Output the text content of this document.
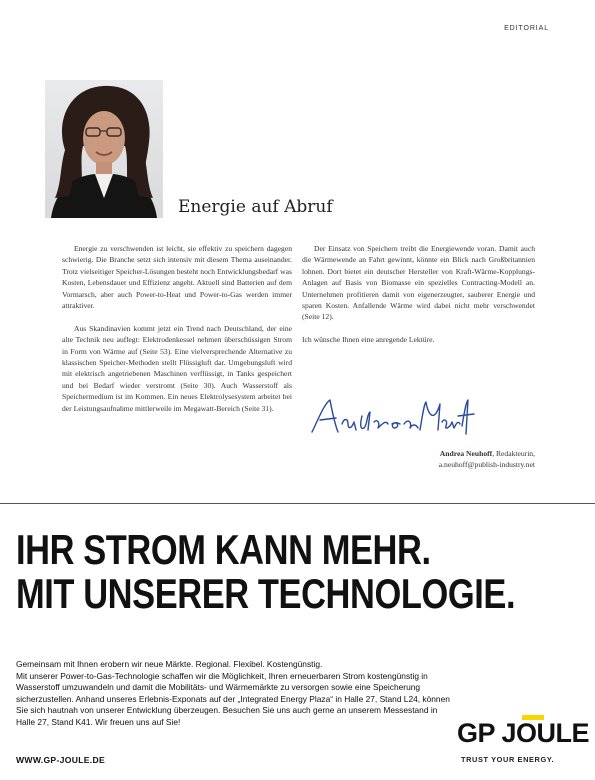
EDITORIAL
Energie auf Abruf

Energie zu verschwenden ist leicht, sie effektiv zu speichern dagegen schwierig. Die Branche setzt sich intensiv mit diesem Thema auseinander. Trotz vielseitiger Speicher-Lösungen besteht noch Entwicklungsbedarf was Kosten, Lebensdauer und Effizienz angeht. Aktuell sind Batterien auf dem Vormarsch, aber auch Power-to-Heat und Power-to-Gas werden immer attraktiver.

Aus Skandinavien kommt jetzt ein Trend nach Deutschland, der eine alte Technik neu auflegt: Elektrodenkessel nehmen überschüssigen Strom in Form von Wärme auf (Seite 53). Eine vielversprechende Alternative zu klassischen Speicher-Methoden stellt Flüssigluft dar. Umgebungsluft wird mit elektrisch angetriebenen Maschinen verflüssigt, in Tanks gespeichert und bei Bedarf wieder verstromt (Seite 30). Auch Wasserstoff als Speichermedium ist im Kommen. Ein neues Elektrolysesystem arbeitet bei der Leistungsaufnahme mittlerweile im Megawatt-Bereich (Seite 31).

Der Einsatz von Speichern treibt die Energiewende voran. Damit auch die Wärmewende an Fahrt gewinnt, könnte ein Blick nach Großbritannien lohnen. Dort bietet ein deutscher Hersteller von Kraft-Wärme-Kopplungs-Anlagen auf Basis von Biomasse ein spezielles Contracting-Modell an. Unternehmen profitieren damit von eigenerzeugter, sauberer Energie und sparen Kosten. Anfallende Wärme wird dabei nicht mehr verschwendet (Seite 12).

Ich wünsche Ihnen eine anregende Lektüre.

Andrea Neuhoff, Redakteurin,
a.neuhoff@publish-industry.net
IHR STROM KANN MEHR.
MIT UNSERER TECHNOLOGIE.
Gemeinsam mit Ihnen erobern wir neue Märkte. Regional. Flexibel. Kostengünstig.
Mit unserer Power-to-Gas-Technologie schaffen wir die Möglichkeit, Ihren erneuerbaren Strom kostengünstig in Wasserstoff umzuwandeln und damit die Mobilitäts- und Wärmemärkte zu versorgen sowie eine Speicherung sicherzustellen. Anhand unseres Erlebnis-Exponats auf der „Integrated Energy Plaza“ in Halle 27, Stand L24, können Sie sich hautnah von unserer Entwicklung überzeugen. Besuchen Sie uns auch gerne an unserem Messestand in Halle 27, Stand K41. Wir freuen uns auf Sie!
WWW.GP-JOULE.DE
GP JOULE
TRUST YOUR ENERGY.
